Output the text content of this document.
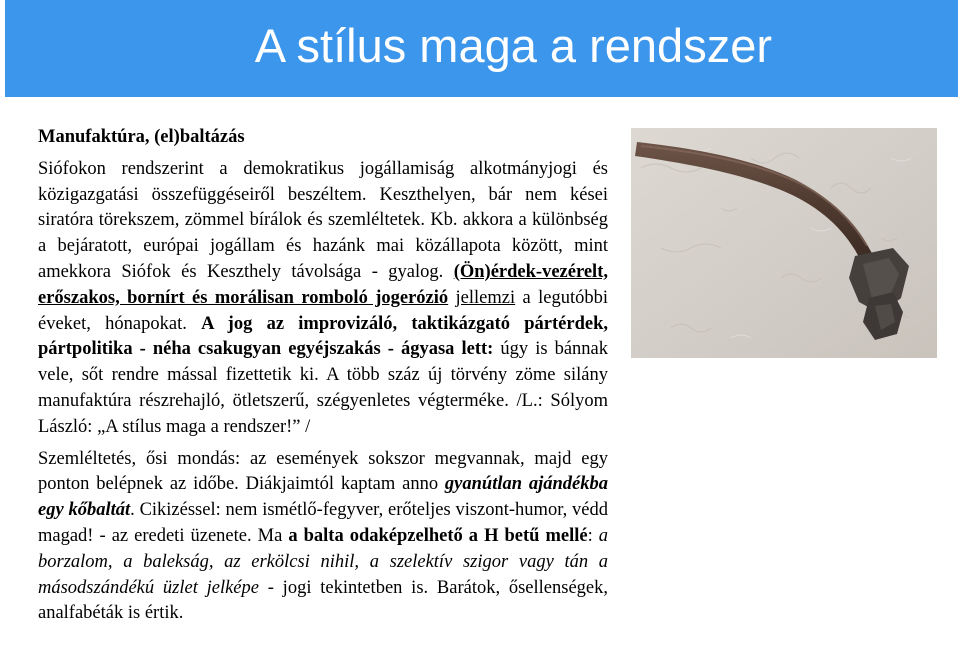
A stílus maga a rendszer

Manufaktúra, (el)baltázás

Siófokon rendszerint a demokratikus jogállamiság alkotmányjogi és közigazgatási összefüggéseiről beszéltem. Keszthelyen, bár nem kései siratóra törekszem, zömmel bírálok és szemléltetek. Kb. akkora a különbség a bejáratott, európai jogállam és hazánk mai közállapota között, mint amekkora Siófok és Keszthely távolsága - gyalog. (Ön)érdek-vezérelt, erőszakos, bornírt és morálisan romboló jogerózió jellemzi a legutóbbi éveket, hónapokat. A jog az improvizáló, taktikázgató pártérdek, pártpolitika - néha csakugyan egyéjszakás - ágyasa lett: úgy is bánnak vele, sőt rendre mással fizettetik ki. A több száz új törvény zöme silány manufaktúra részrehajló, ötletszerű, szégyenletes végterméke. /L.: Sólyom László: „A stílus maga a rendszer!” /

Szemléltetés, ősi mondás: az események sokszor megvannak, majd egy ponton belépnek az időbe. Diákjaimtól kaptam anno gyanútlan ajándékba egy kőbaltát. Cikizéssel: nem ismétlő-fegyver, erőteljes viszont-humor, védd magad! - az eredeti üzenete. Ma a balta odaképzelhető a H betű mellé: a borzalom, a balekság, az erkölcsi nihil, a szelektív szigor vagy tán a másodszándékú üzlet jelképe - jogi tekintetben is. Barátok, ősellenségek, analfabéták is értik.
